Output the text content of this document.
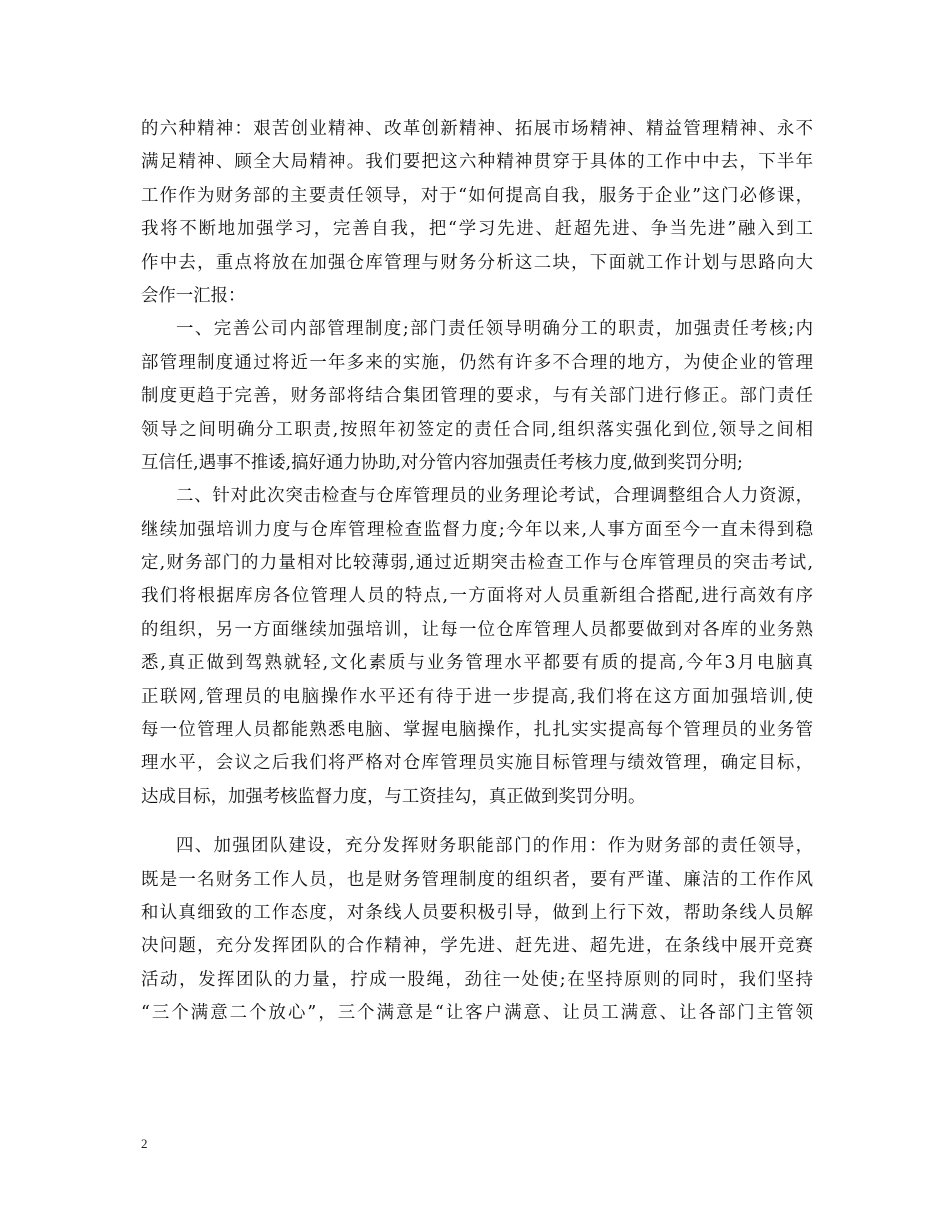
的六种精神：艰苦创业精神、改革创新精神、拓展市场精神、精益管理精神、永不
满足精神、顾全大局精神。我们要把这六种精神贯穿于具体的工作中中去，下半年
工作作为财务部的主要责任领导，对于“如何提高自我，服务于企业”这门必修课，
我将不断地加强学习，完善自我，把“学习先进、赶超先进、争当先进”融入到工
作中去，重点将放在加强仓库管理与财务分析这二块，下面就工作计划与思路向大
会作一汇报：
一、完善公司内部管理制度;部门责任领导明确分工的职责，加强责任考核;内
部管理制度通过将近一年多来的实施，仍然有许多不合理的地方，为使企业的管理
制度更趋于完善，财务部将结合集团管理的要求，与有关部门进行修正。部门责任
领导之间明确分工职责,按照年初签定的责任合同,组织落实强化到位,领导之间相
互信任,遇事不推诿,搞好通力协助,对分管内容加强责任考核力度,做到奖罚分明;
二、针对此次突击检查与仓库管理员的业务理论考试，合理调整组合人力资源，
继续加强培训力度与仓库管理检查监督力度;今年以来,人事方面至今一直未得到稳
定,财务部门的力量相对比较薄弱,通过近期突击检查工作与仓库管理员的突击考试,
我们将根据库房各位管理人员的特点,一方面将对人员重新组合搭配,进行高效有序
的组织，另一方面继续加强培训，让每一位仓库管理人员都要做到对各库的业务熟
悉,真正做到驾熟就轻,文化素质与业务管理水平都要有质的提高,今年3月电脑真
正联网,管理员的电脑操作水平还有待于进一步提高,我们将在这方面加强培训,使
每一位管理人员都能熟悉电脑、掌握电脑操作，扎扎实实提高每个管理员的业务管
理水平，会议之后我们将严格对仓库管理员实施目标管理与绩效管理，确定目标，
达成目标，加强考核监督力度，与工资挂勾，真正做到奖罚分明。
四、加强团队建设，充分发挥财务职能部门的作用：作为财务部的责任领导，
既是一名财务工作人员，也是财务管理制度的组织者，要有严谨、廉洁的工作作风
和认真细致的工作态度，对条线人员要积极引导，做到上行下效，帮助条线人员解
决问题，充分发挥团队的合作精神，学先进、赶先进、超先进，在条线中展开竞赛
活动，发挥团队的力量，拧成一股绳，劲往一处使;在坚持原则的同时，我们坚持
“三个满意二个放心”，三个满意是“让客户满意、让员工满意、让各部门主管领
2
